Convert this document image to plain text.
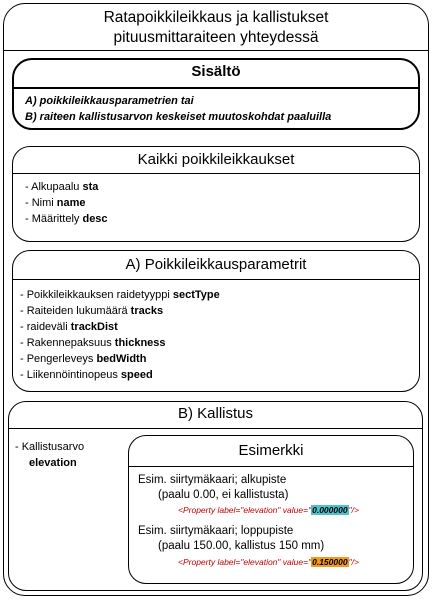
Ratapoikkileikkaus ja kallistukset
pituusmittaraiteen yhteydessä
Sisältö
A) poikkileikkausparametrien tai
B) raiteen kallistusarvon keskeiset muutoskohdat paaluilla
Kaikki poikkileikkaukset
- Alkupaalu sta
- Nimi name
- Määrittely desc
A) Poikkileikkausparametrit
- Poikkileikkauksen raidetyyppi sectType
- Raiteiden lukumäärä tracks
- raideväli trackDist
- Rakennepaksuus thickness
- Pengerleveys bedWidth
- Liikennöintinopeus speed
B) Kallistus
- Kallistusarvo
elevation
Esimerkki
Esim. siirtymäkaari; alkupiste
(paalu 0.00, ei kallistusta)
<Property label="elevation" value="0.000000"/>
Esim. siirtymäkaari; loppupiste
(paalu 150.00, kallistus 150 mm)
<Property label="elevation" value="0.150000"/>
